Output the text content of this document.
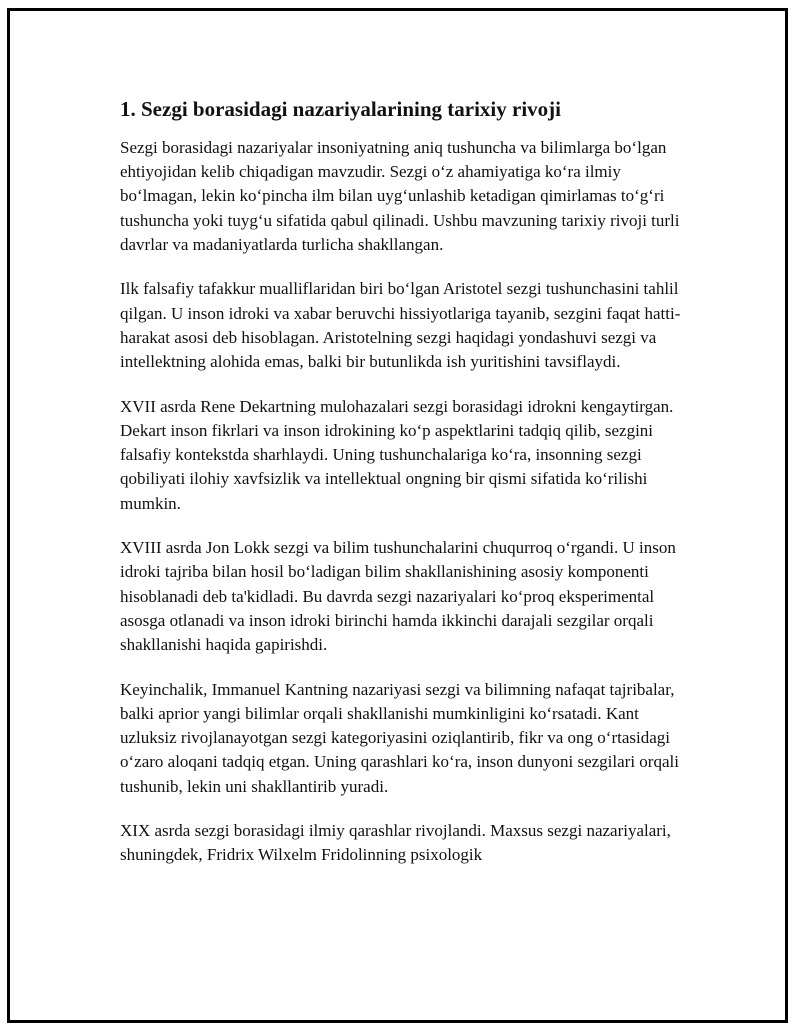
1. Sezgi borasidagi nazariyalarining tarixiy rivoji

Sezgi borasidagi nazariyalar insoniyatning aniq tushuncha va bilimlarga bo‘lgan ehtiyojidan kelib chiqadigan mavzudir. Sezgi o‘z ahamiyatiga ko‘ra ilmiy bo‘lmagan, lekin ko‘pincha ilm bilan uyg‘unlashib ketadigan qimirlamas to‘g‘ri tushuncha yoki tuyg‘u sifatida qabul qilinadi. Ushbu mavzuning tarixiy rivoji turli davrlar va madaniyatlarda turlicha shakllangan.

Ilk falsafiy tafakkur mualliflaridan biri bo‘lgan Aristotel sezgi tushunchasini tahlil qilgan. U inson idroki va xabar beruvchi hissiyotlariga tayanib, sezgini faqat hatti-harakat asosi deb hisoblagan. Aristotelning sezgi haqidagi yondashuvi sezgi va intellektning alohida emas, balki bir butunlikda ish yuritishini tavsiflaydi.

XVII asrda Rene Dekartning mulohazalari sezgi borasidagi idrokni kengaytirgan. Dekart inson fikrlari va inson idrokining ko‘p aspektlarini tadqiq qilib, sezgini falsafiy kontekstda sharhlaydi. Uning tushunchalariga ko‘ra, insonning sezgi qobiliyati ilohiy xavfsizlik va intellektual ongning bir qismi sifatida ko‘rilishi mumkin.

XVIII asrda Jon Lokk sezgi va bilim tushunchalarini chuqurroq o‘rgandi. U inson idroki tajriba bilan hosil bo‘ladigan bilim shakllanishining asosiy komponenti hisoblanadi deb ta'kidladi. Bu davrda sezgi nazariyalari ko‘proq eksperimental asosga otlanadi va inson idroki birinchi hamda ikkinchi darajali sezgilar orqali shakllanishi haqida gapirishdi.

Keyinchalik, Immanuel Kantning nazariyasi sezgi va bilimning nafaqat tajribalar, balki aprior yangi bilimlar orqali shakllanishi mumkinligini ko‘rsatadi. Kant uzluksiz rivojlanayotgan sezgi kategoriyasini oziqlantirib, fikr va ong o‘rtasidagi o‘zaro aloqani tadqiq etgan. Uning qarashlari ko‘ra, inson dunyoni sezgilari orqali tushunib, lekin uni shakllantirib yuradi.

XIX asrda sezgi borasidagi ilmiy qarashlar rivojlandi. Maxsus sezgi nazariyalari, shuningdek, Fridrix Wilxelm Fridolinning psixologik
